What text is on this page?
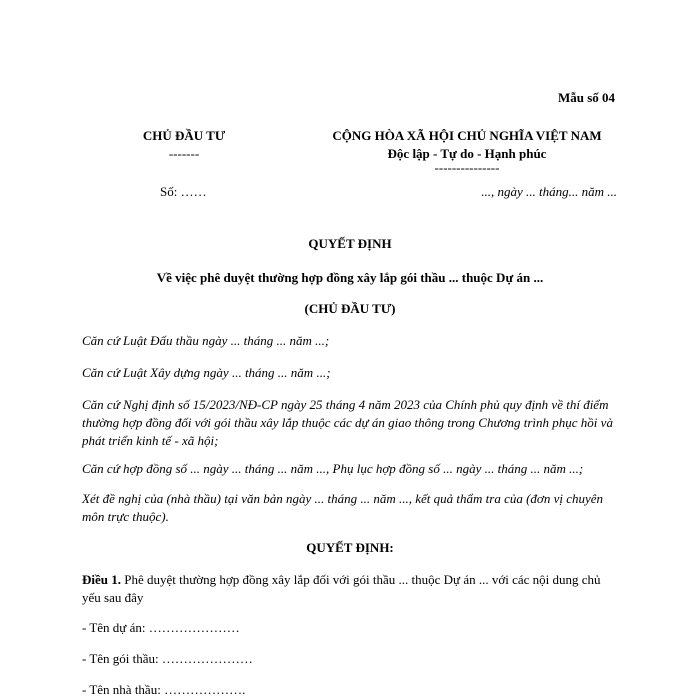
Mẫu số 04
CHỦ ĐẦU TƯ
-------
CỘNG HÒA XÃ HỘI CHỦ NGHĨA VIỆT NAM
Độc lập - Tự do - Hạnh phúc
---------------
Số: ……	..., ngày ... tháng... năm ...
QUYẾT ĐỊNH
Về việc phê duyệt thường hợp đồng xây lắp gói thầu ... thuộc Dự án ...
(CHỦ ĐẦU TƯ)
Căn cứ Luật Đấu thầu ngày ... tháng ... năm ...;
Căn cứ Luật Xây dựng ngày ... tháng ... năm ...;
Căn cứ Nghị định số 15/2023/NĐ-CP ngày 25 tháng 4 năm 2023 của Chính phủ quy định về thí điểm thường hợp đồng đối với gói thầu xây lắp thuộc các dự án giao thông trong Chương trình phục hồi và phát triển kinh tế - xã hội;
Căn cứ hợp đồng số ... ngày ... tháng ... năm ..., Phụ lục hợp đồng số ... ngày ... tháng ... năm ...;
Xét đề nghị của (nhà thầu) tại văn bản ngày ... tháng ... năm ..., kết quả thẩm tra của (đơn vị chuyên môn trực thuộc).
QUYẾT ĐỊNH:
Điều 1. Phê duyệt thường hợp đồng xây lắp đối với gói thầu ... thuộc Dự án ... với các nội dung chủ yếu sau đây
- Tên dự án: …………………
- Tên gói thầu: …………………
- Tên nhà thầu: ……………….
